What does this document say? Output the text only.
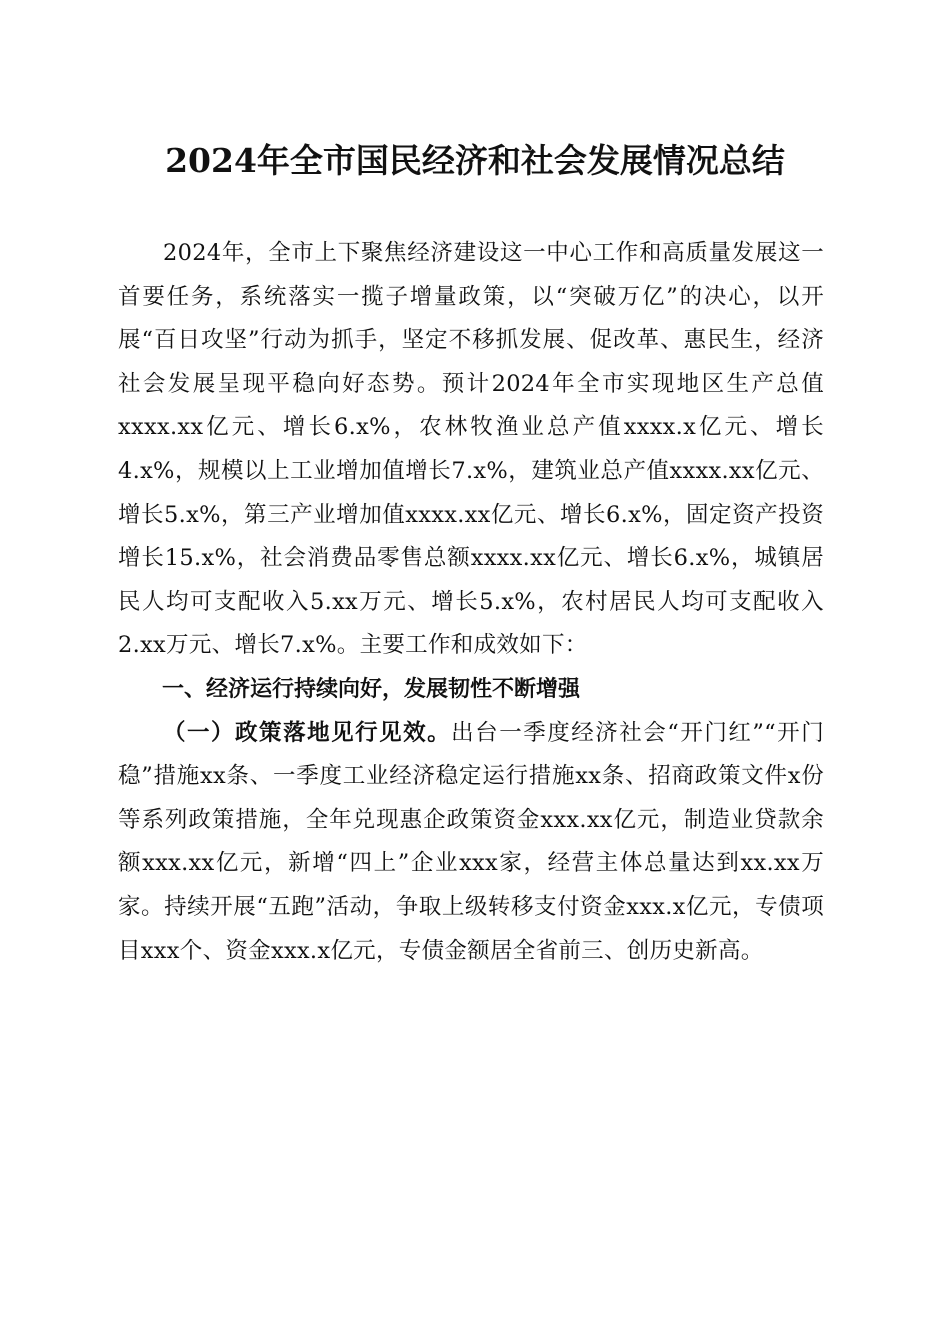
2024年全市国民经济和社会发展情况总结

2024年，全市上下聚焦经济建设这一中心工作和高质量发展这一首要任务，系统落实一揽子增量政策，以“突破万亿”的决心，以开展“百日攻坚”行动为抓手，坚定不移抓发展、促改革、惠民生，经济社会发展呈现平稳向好态势。预计2024年全市实现地区生产总值xxxx.xx亿元、增长6.x%，农林牧渔业总产值xxxx.x亿元、增长4.x%，规模以上工业增加值增长7.x%，建筑业总产值xxxx.xx亿元、增长5.x%，第三产业增加值xxxx.xx亿元、增长6.x%，固定资产投资增长15.x%，社会消费品零售总额xxxx.xx亿元、增长6.x%，城镇居民人均可支配收入5.xx万元、增长5.x%，农村居民人均可支配收入2.xx万元、增长7.x%。主要工作和成效如下：

一、经济运行持续向好，发展韧性不断增强

（一）政策落地见行见效。出台一季度经济社会“开门红”“开门稳”措施xx条、一季度工业经济稳定运行措施xx条、招商政策文件x份等系列政策措施，全年兑现惠企政策资金xxx.xx亿元，制造业贷款余额xxx.xx亿元，新增“四上”企业xxx家，经营主体总量达到xx.xx万家。持续开展“五跑”活动，争取上级转移支付资金xxx.x亿元，专债项目xxx个、资金xxx.x亿元，专债金额居全省前三、创历史新高。
